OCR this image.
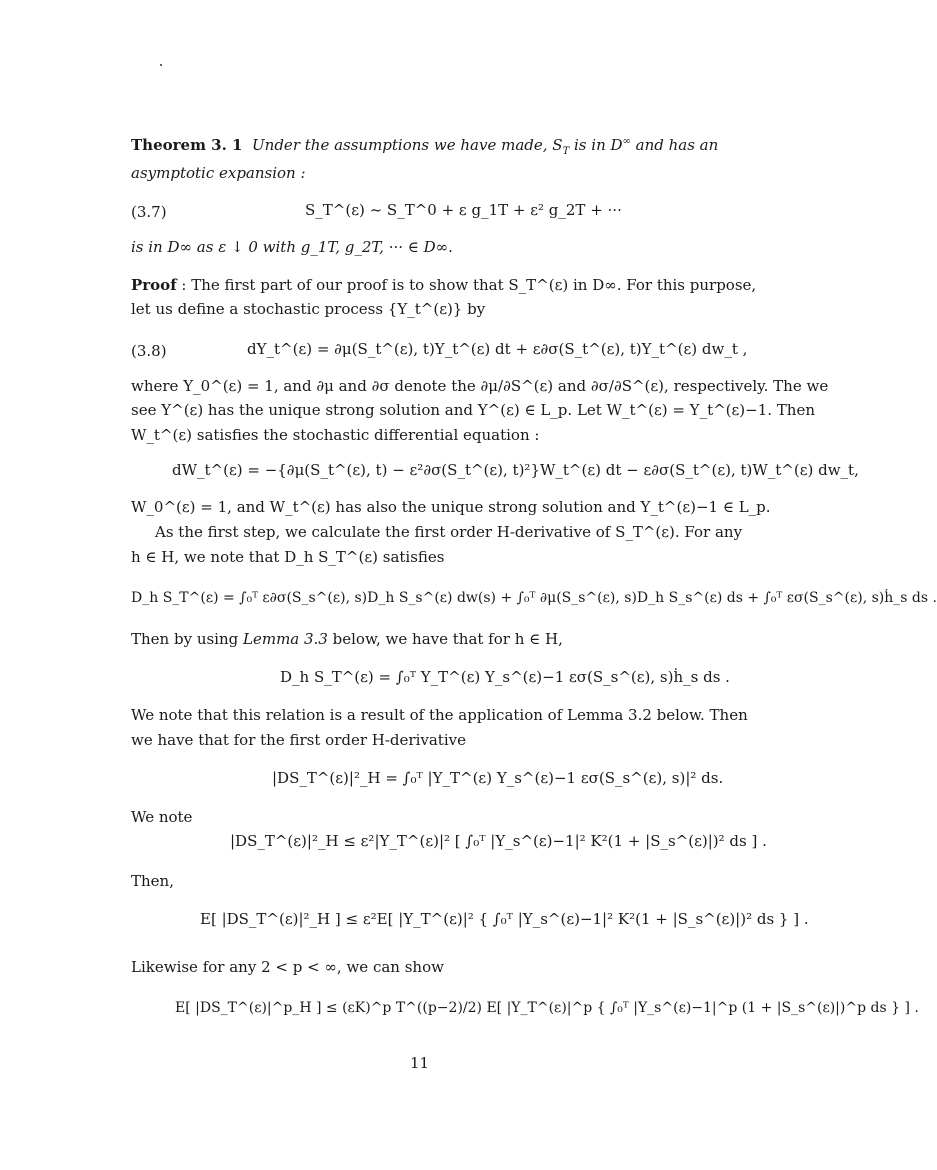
Theorem 3. 1 Under the assumptions we have made, $S_T$ is in D∞ and has an
asymptotic expansion :
(3.7)	S_T^(ε) ~ S_T^0 + ε g_1T + ε² g_2T + ···
is in D∞ as ε ↓ 0 with g_1T, g_2T, ··· ∈ D∞.
Proof : The first part of our proof is to show that S_T^(ε) in D∞. For this purpose,
let us define a stochastic process {Y_t^(ε)} by
(3.8)	dY_t^(ε) = ∂μ(S_t^(ε), t)Y_t^(ε) dt + ε∂σ(S_t^(ε), t)Y_t^(ε) dw_t ,
where Y_0^(ε) = 1, and ∂μ and ∂σ denote the ∂μ/∂S^(ε) and ∂σ/∂S^(ε), respectively. The we
see Y^(ε) has the unique strong solution and Y^(ε) ∈ L_p. Let W_t^(ε) = Y_t^(ε)−1. Then
W_t^(ε) satisfies the stochastic differential equation :
dW_t^(ε) = −{∂μ(S_t^(ε), t) − ε²∂σ(S_t^(ε), t)²}W_t^(ε) dt − ε∂σ(S_t^(ε), t)W_t^(ε) dw_t,
W_0^(ε) = 1, and W_t^(ε) has also the unique strong solution and Y_t^(ε)−1 ∈ L_p.
As the first step, we calculate the first order H-derivative of S_T^(ε). For any
h ∈ H, we note that D_h S_T^(ε) satisfies
D_h S_T^(ε) = ∫₀ᵀ ε∂σ(S_s^(ε), s)D_h S_s^(ε) dw(s) + ∫₀ᵀ ∂μ(S_s^(ε), s)D_h S_s^(ε) ds + ∫₀ᵀ εσ(S_s^(ε), s)ḣ_s ds .
Then by using Lemma 3.3 below, we have that for h ∈ H,
D_h S_T^(ε) = ∫₀ᵀ Y_T^(ε) Y_s^(ε)−1 εσ(S_s^(ε), s)ḣ_s ds .
We note that this relation is a result of the application of Lemma 3.2 below. Then
we have that for the first order H-derivative
|DS_T^(ε)|²_H = ∫₀ᵀ |Y_T^(ε) Y_s^(ε)−1 εσ(S_s^(ε), s)|² ds.
We note
|DS_T^(ε)|²_H ≤ ε²|Y_T^(ε)|² [ ∫₀ᵀ |Y_s^(ε)−1|² K²(1 + |S_s^(ε)|)² ds ] .
Then,
E[ |DS_T^(ε)|²_H ] ≤ ε²E[ |Y_T^(ε)|² { ∫₀ᵀ |Y_s^(ε)−1|² K²(1 + |S_s^(ε)|)² ds } ] .
Likewise for any 2 < p < ∞, we can show
E[ |DS_T^(ε)|^p_H ] ≤ (εK)^p T^((p−2)/2) E[ |Y_T^(ε)|^p { ∫₀ᵀ |Y_s^(ε)−1|^p (1 + |S_s^(ε)|)^p ds } ] .
11
